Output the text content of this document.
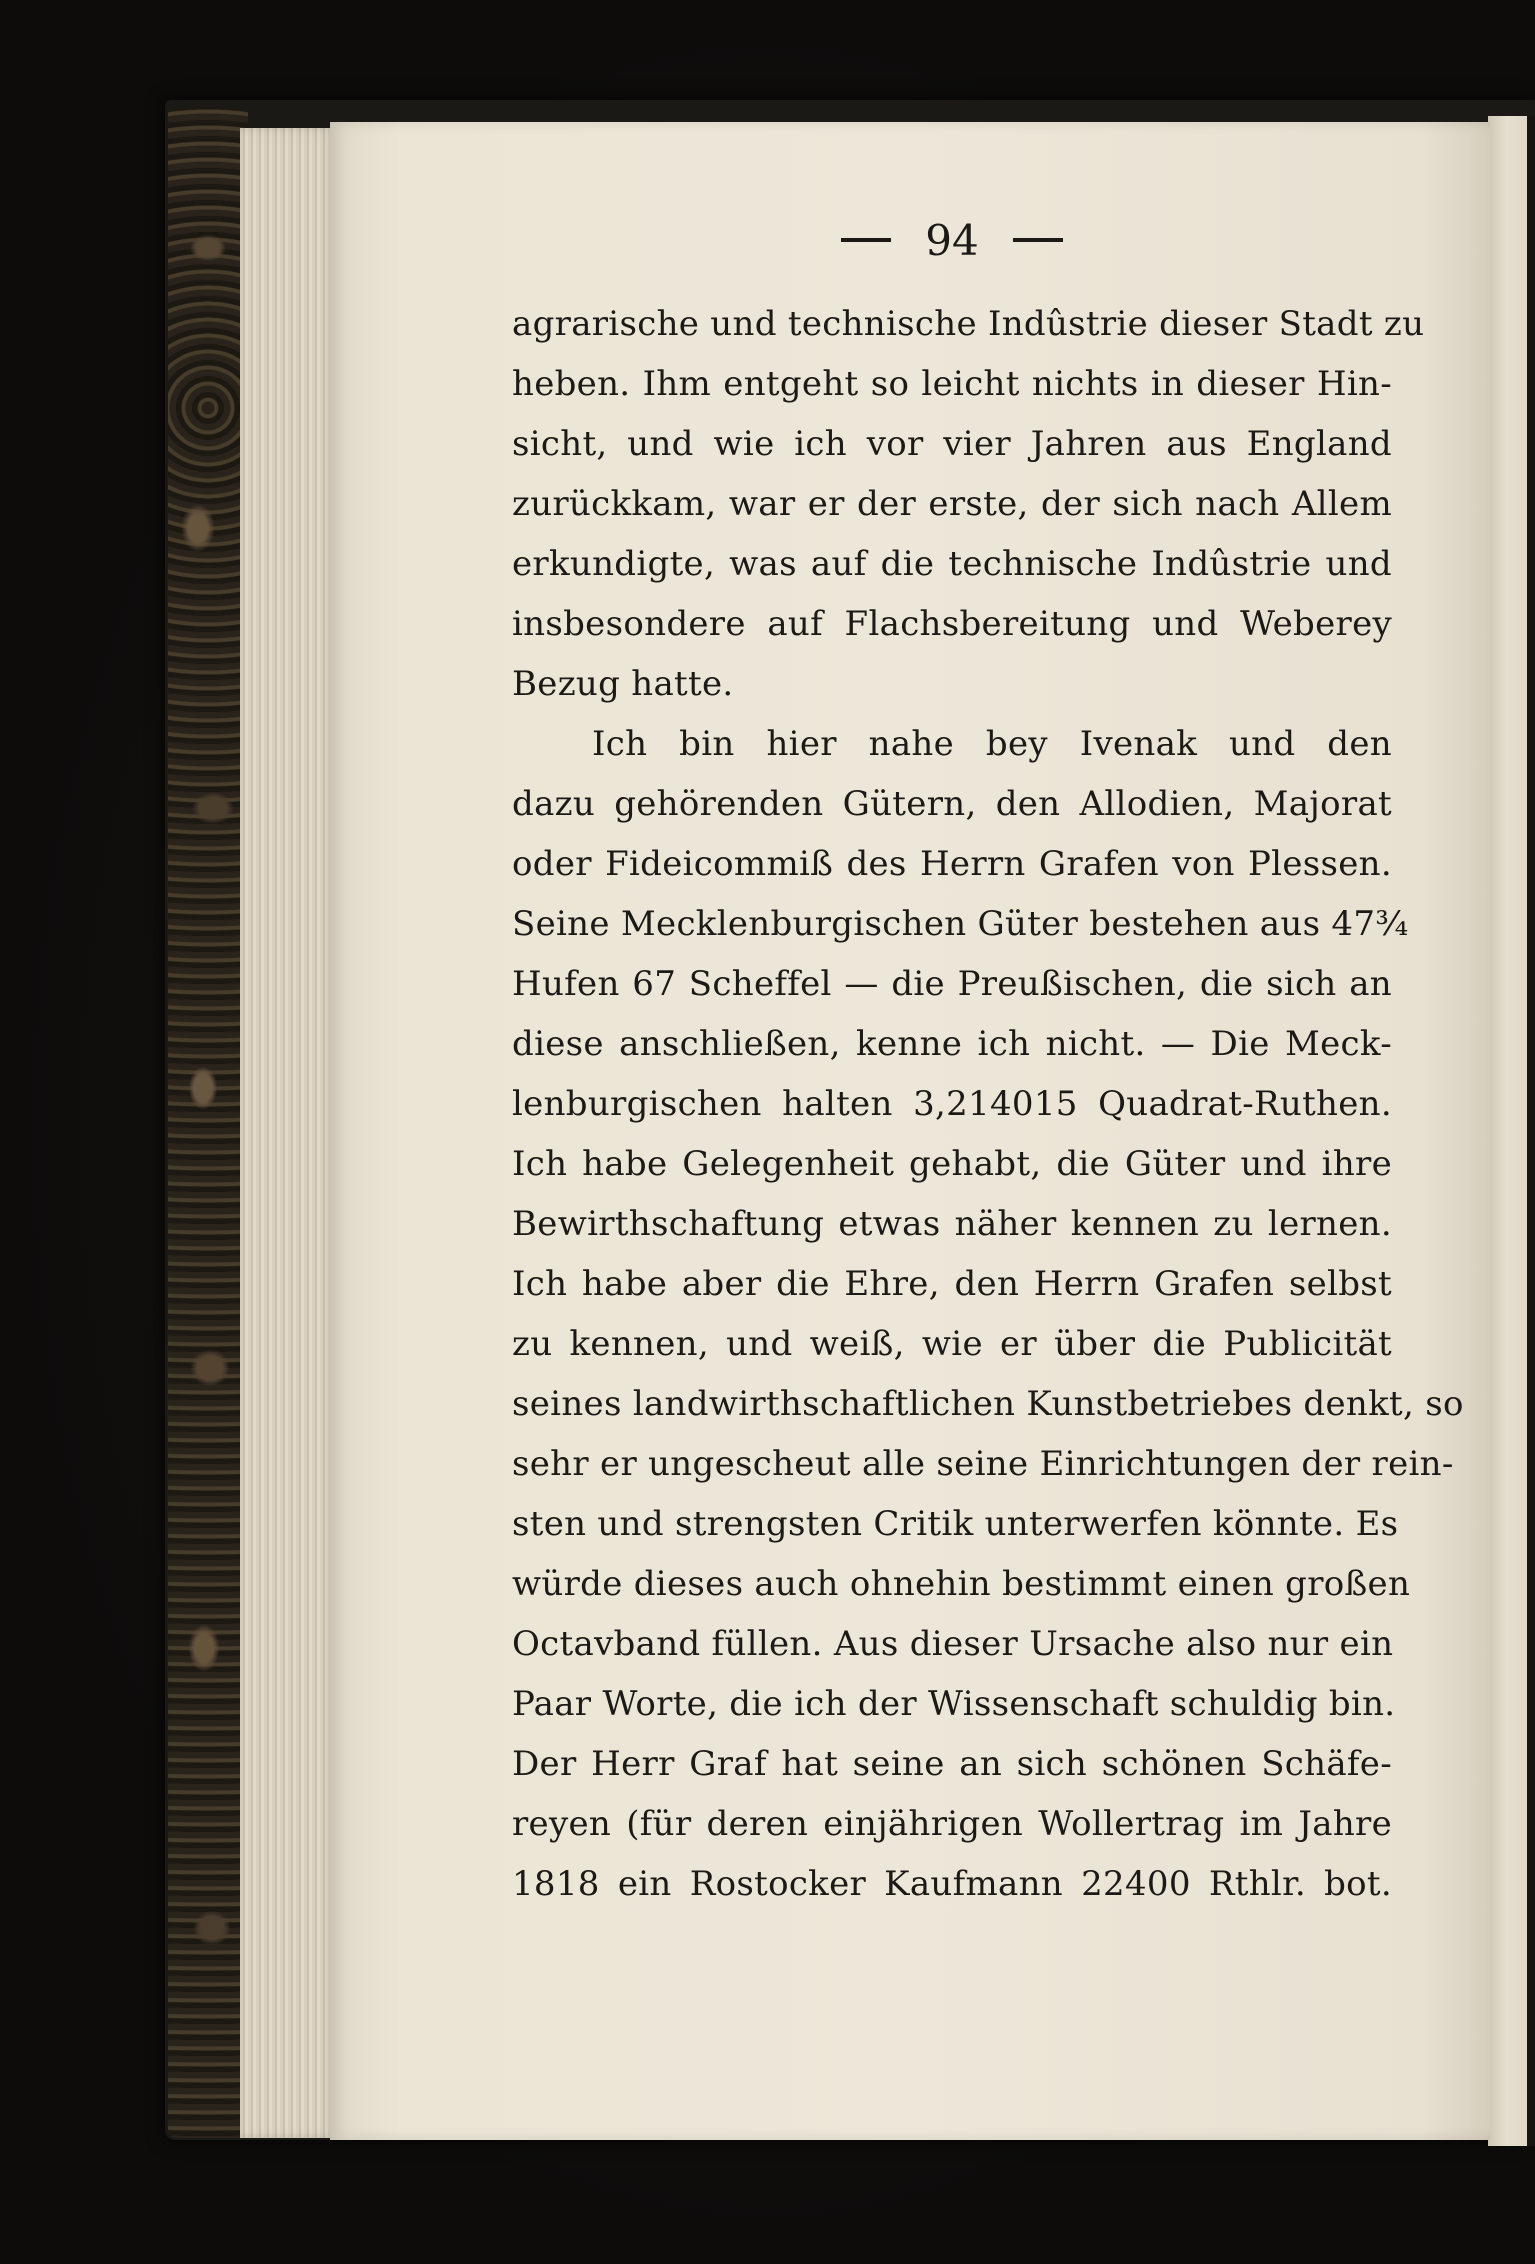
94
agrarische und technische Indûstrie dieser Stadt zu
heben. Ihm entgeht so leicht nichts in dieser Hin-
sicht, und wie ich vor vier Jahren aus England
zurückkam, war er der erste, der sich nach Allem
erkundigte, was auf die technische Indûstrie und
insbesondere auf Flachsbereitung und Weberey
Bezug hatte.
Ich bin hier nahe bey Ivenak und den
dazu gehörenden Gütern, den Allodien, Majorat
oder Fideicommiß des Herrn Grafen von Plessen.
Seine Mecklenburgischen Güter bestehen aus 47¾
Hufen 67 Scheffel — die Preußischen, die sich an
diese anschließen, kenne ich nicht. — Die Meck-
lenburgischen halten 3,214015 Quadrat-Ruthen.
Ich habe Gelegenheit gehabt, die Güter und ihre
Bewirthschaftung etwas näher kennen zu lernen.
Ich habe aber die Ehre, den Herrn Grafen selbst
zu kennen, und weiß, wie er über die Publicität
seines landwirthschaftlichen Kunstbetriebes denkt, so
sehr er ungescheut alle seine Einrichtungen der rein-
sten und strengsten Critik unterwerfen könnte. Es
würde dieses auch ohnehin bestimmt einen großen
Octavband füllen. Aus dieser Ursache also nur ein
Paar Worte, die ich der Wissenschaft schuldig bin.
Der Herr Graf hat seine an sich schönen Schäfe-
reyen (für deren einjährigen Wollertrag im Jahre
1818 ein Rostocker Kaufmann 22400 Rthlr. bot.
